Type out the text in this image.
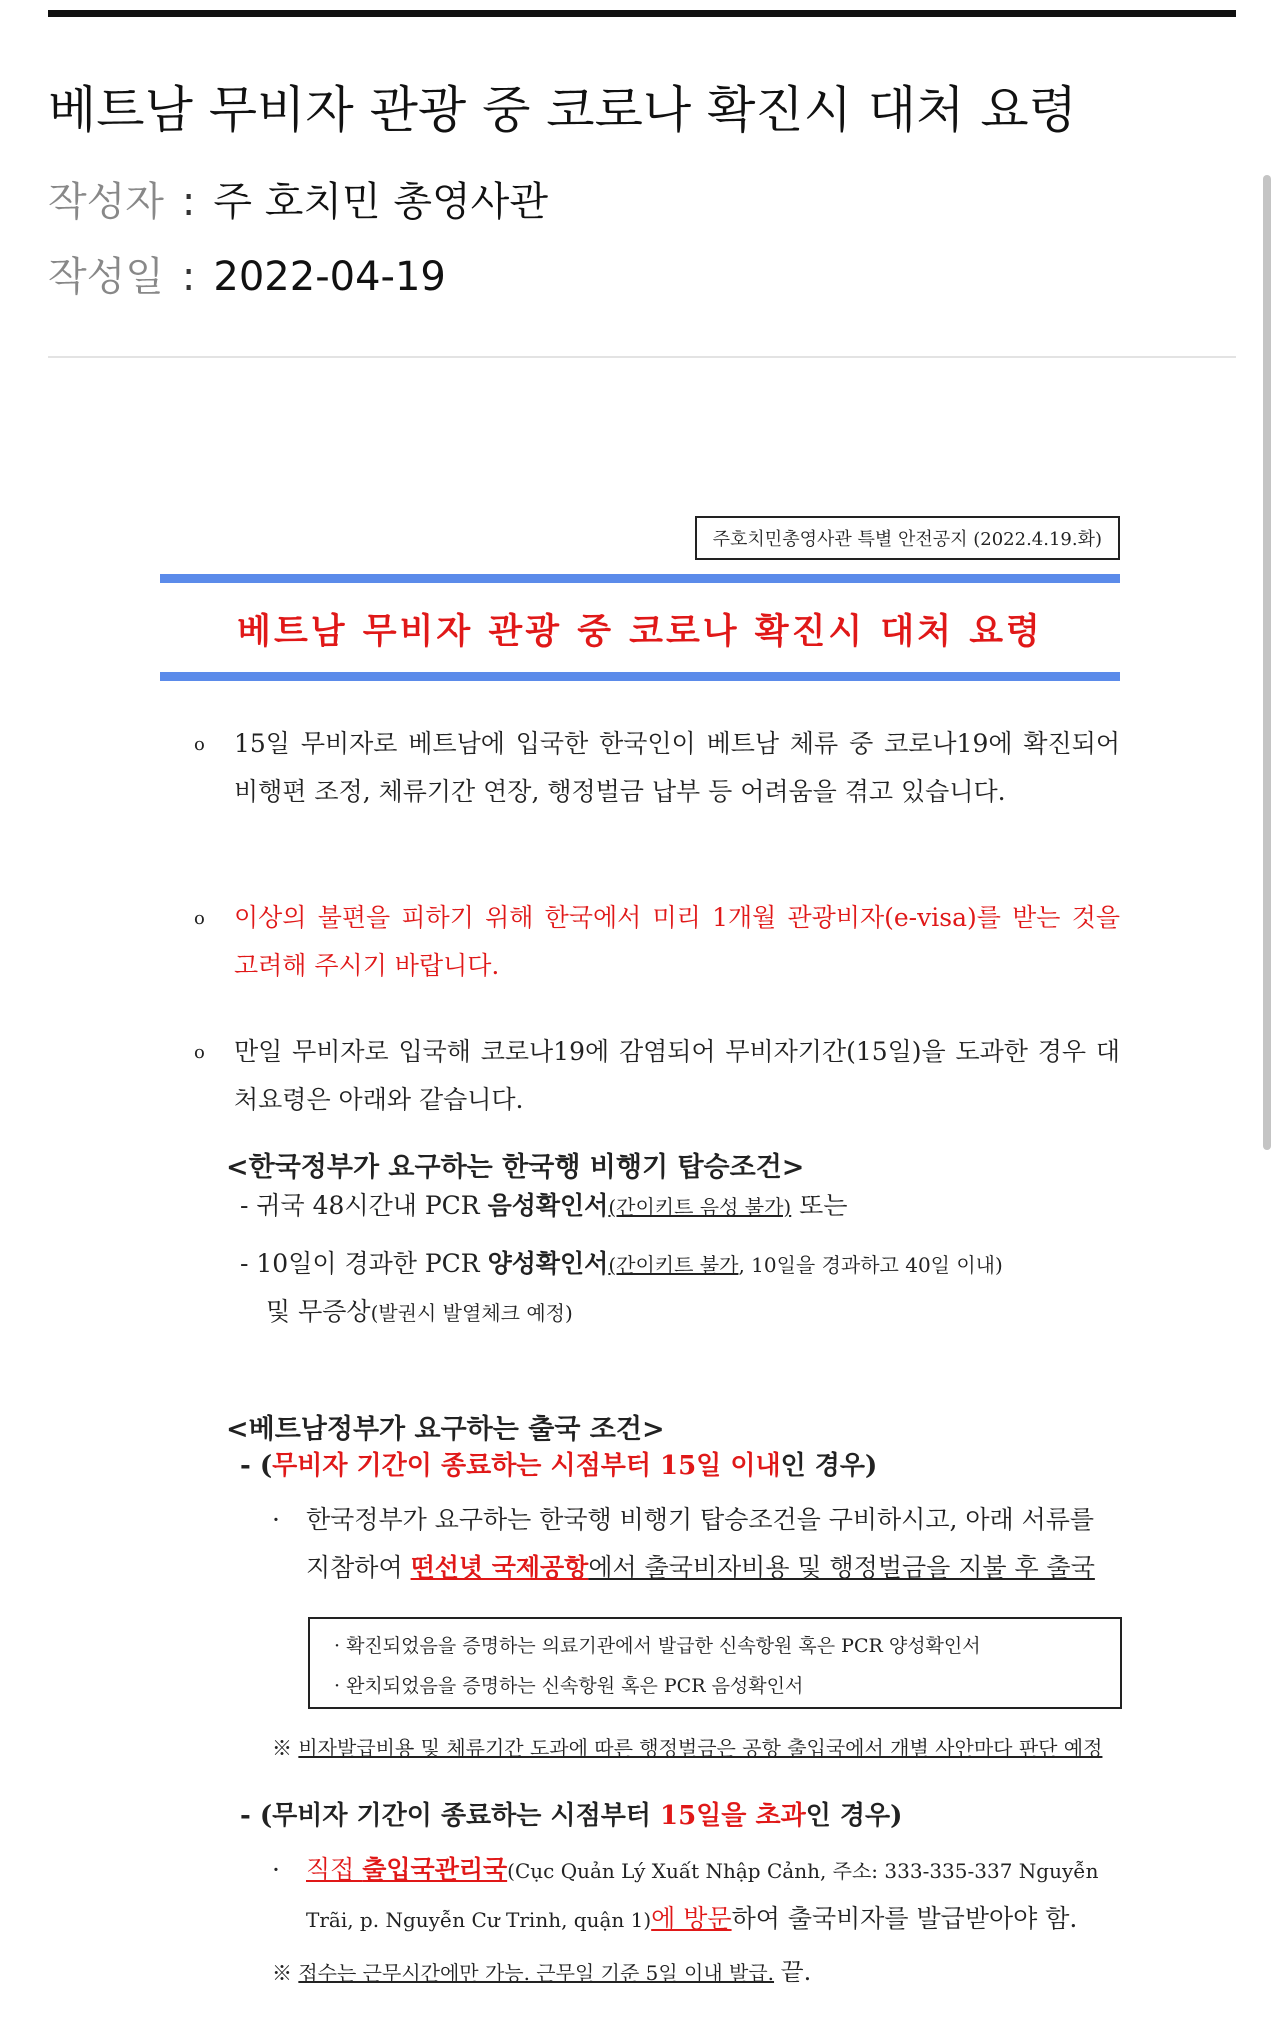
베트남 무비자 관광 중 코로나 확진시 대처 요령
작성자 : 주 호치민 총영사관
작성일 : 2022-04-19
주호치민총영사관 특별 안전공지 (2022.4.19.화)
베트남 무비자 관광 중 코로나 확진시 대처 요령
o 15일 무비자로 베트남에 입국한 한국인이 베트남 체류 중 코로나19에 확진되어 비행편 조정, 체류기간 연장, 행정벌금 납부 등 어려움을 겪고 있습니다.
o 이상의 불편을 피하기 위해 한국에서 미리 1개월 관광비자(e-visa)를 받는 것을 고려해 주시기 바랍니다.
o 만일 무비자로 입국해 코로나19에 감염되어 무비자기간(15일)을 도과한 경우 대처요령은 아래와 같습니다.
<한국정부가 요구하는 한국행 비행기 탑승조건>
- 귀국 48시간내 PCR 음성확인서(간이키트 음성 불가) 또는
- 10일이 경과한 PCR 양성확인서(간이키트 불가, 10일을 경과하고 40일 이내)
및 무증상(발권시 발열체크 예정)
<베트남정부가 요구하는 출국 조건>
- (무비자 기간이 종료하는 시점부터 15일 이내인 경우)
· 한국정부가 요구하는 한국행 비행기 탑승조건을 구비하시고, 아래 서류를 지참하여 떤선녓 국제공항에서 출국비자비용 및 행정벌금을 지불 후 출국
· 확진되었음을 증명하는 의료기관에서 발급한 신속항원 혹은 PCR 양성확인서
· 완치되었음을 증명하는 신속항원 혹은 PCR 음성확인서
※ 비자발급비용 및 체류기간 도과에 따른 행정벌금은 공항 출입국에서 개별 사안마다 판단 예정
- (무비자 기간이 종료하는 시점부터 15일을 초과인 경우)
· 직접 출입국관리국(Cục Quản Lý Xuất Nhập Cảnh, 주소: 333-335-337 Nguyễn Trãi, p. Nguyễn Cư Trinh, quận 1)에 방문하여 출국비자를 발급받아야 함.
※ 접수는 근무시간에만 가능. 근무일 기준 5일 이내 발급. 끝.
